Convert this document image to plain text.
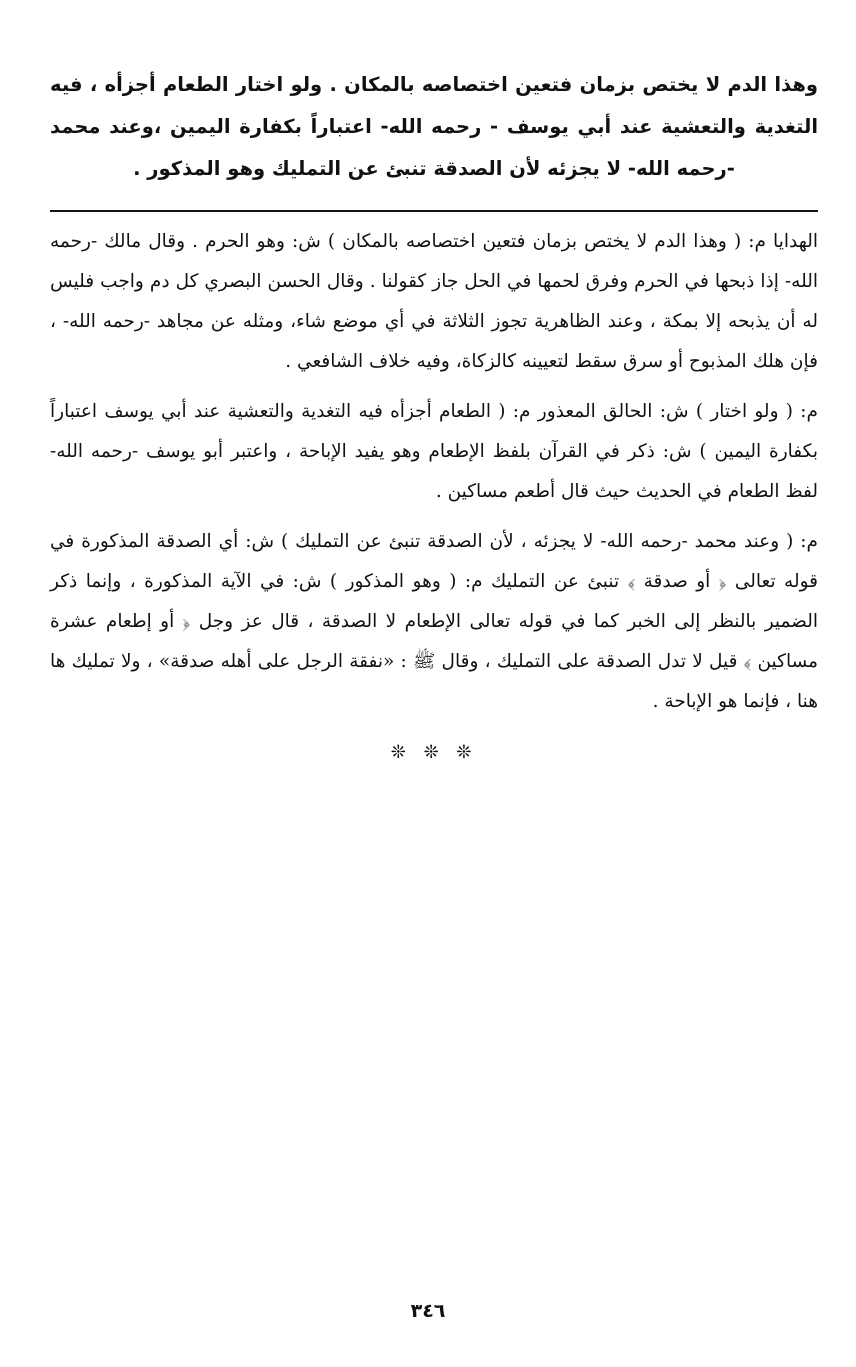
وهذا الدم لا يختص بزمان فتعين اختصاصه بالمكان . ولو اختار الطعام أجزأه ، فيه التغدية والتعشية عند أبي يوسف - رحمه الله- اعتباراً بكفارة اليمين ،وعند محمد -رحمه الله- لا يجزئه لأن الصدقة تنبئ عن التمليك وهو المذكور .

الهدايا م: ( وهذا الدم لا يختص بزمان فتعين اختصاصه بالمكان ) ش: وهو الحرم . وقال مالك -رحمه الله- إذا ذبحها في الحرم وفرق لحمها في الحل جاز كقولنا . وقال الحسن البصري كل دم واجب فليس له أن يذبحه إلا بمكة ، وعند الظاهرية تجوز الثلاثة في أي موضع شاء، ومثله عن مجاهد -رحمه الله- ، فإن هلك المذبوح أو سرق سقط لتعيينه كالزكاة، وفيه خلاف الشافعي .

م: ( ولو اختار ) ش: الحالق المعذور م: ( الطعام أجزأه فيه التغدية والتعشية عند أبي يوسف اعتباراً بكفارة اليمين ) ش: ذكر في القرآن بلفظ الإطعام وهو يفيد الإباحة ، واعتبر أبو يوسف -رحمه الله- لفظ الطعام في الحديث حيث قال أطعم مساكين .

م: ( وعند محمد -رحمه الله- لا يجزئه ، لأن الصدقة تنبئ عن التمليك ) ش: أي الصدقة المذكورة في قوله تعالى ﴿ أو صدقة ﴾ تنبئ عن التمليك م: ( وهو المذكور ) ش: في الآية المذكورة ، وإنما ذكر الضمير بالنظر إلى الخبر كما في قوله تعالى الإطعام لا الصدقة ، قال عز وجل ﴿ أو إطعام عشرة مساكين ﴾ قيل لا تدل الصدقة على التمليك ، وقال ﷺ : «نفقة الرجل على أهله صدقة» ، ولا تمليك ها هنا ، فإنما هو الإباحة .

❊ ❊ ❊
٣٤٦
